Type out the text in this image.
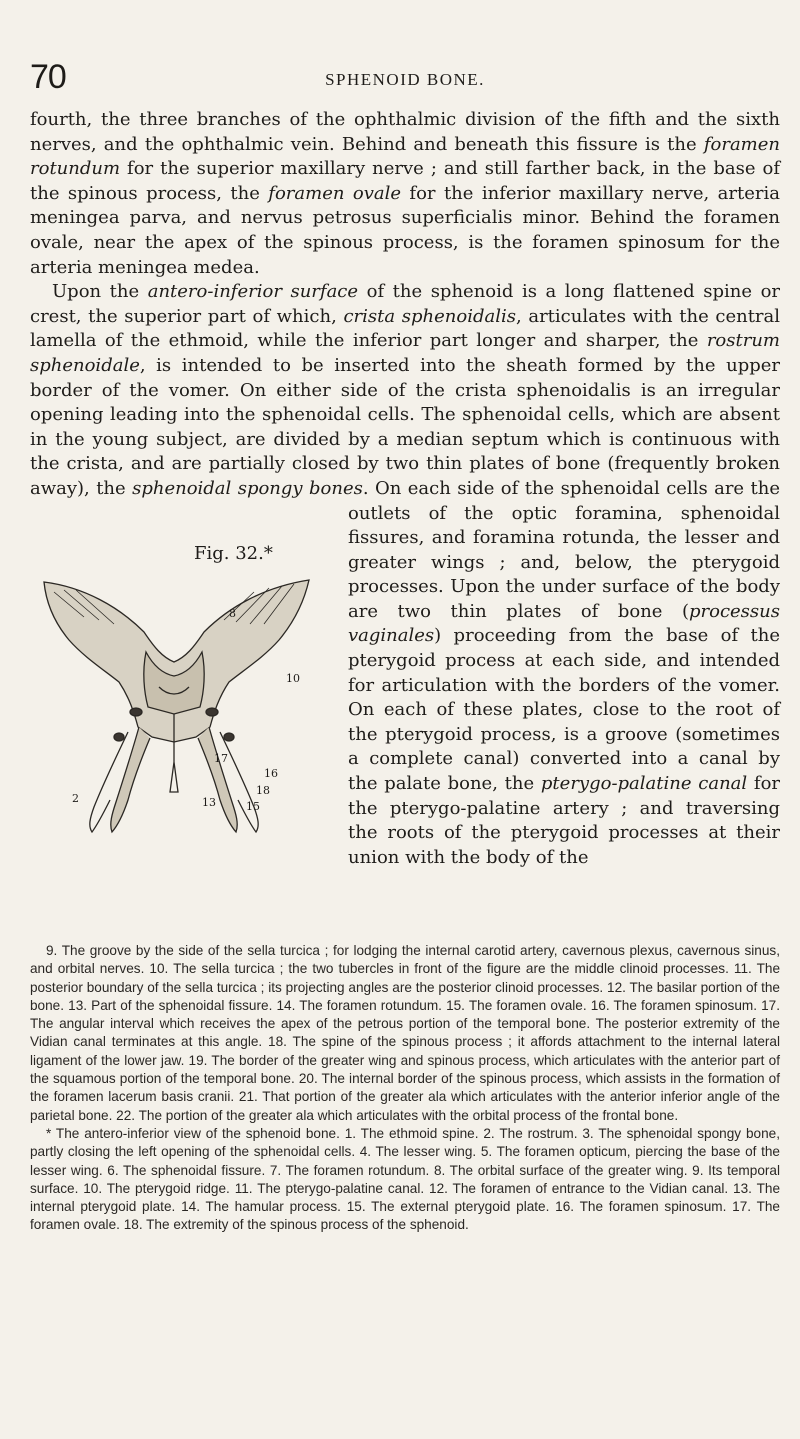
70	SPHENOID BONE.

fourth, the three branches of the ophthalmic division of the fifth and the sixth nerves, and the ophthalmic vein. Behind and beneath this fissure is the foramen rotundum for the superior maxillary nerve ; and still farther back, in the base of the spinous process, the foramen ovale for the inferior maxillary nerve, arteria meningea parva, and nervus petrosus superficialis minor. Behind the foramen ovale, near the apex of the spinous process, is the foramen spinosum for the arteria meningea medea.

Upon the antero-inferior surface of the sphenoid is a long flattened spine or crest, the superior part of which, crista sphenoidalis, articulates with the central lamella of the ethmoid, while the inferior part longer and sharper, the rostrum sphenoidale, is intended to be inserted into the sheath formed by the upper border of the vomer. On either side of the crista sphenoidalis is an irregular opening leading into the sphenoidal cells. The sphenoidal cells, which are absent in the young subject, are divided by a median septum which is continuous with the crista, and are partially closed by two thin plates of bone (frequently broken away), the sphenoidal spongy bones. On each side of the sphenoidal cells are the outlets of the
Fig. 32.*
2
8
10
13	15
16
17
18
optic foramina, sphenoidal fissures, and foramina rotunda, the lesser and greater wings ; and, below, the pterygoid processes. Upon the under surface of the body are two thin plates of bone (processus vaginales) proceeding from the base of the pterygoid process at each side, and intended for articulation with the borders of the vomer. On each of these plates, close to the root of the pterygoid process, is a groove (sometimes a complete canal) converted into a canal by the palate bone, the pterygo-palatine canal for the pterygo-palatine artery ; and traversing the roots of the pterygoid processes at their union with the body of the

9. The groove by the side of the sella turcica ; for lodging the internal carotid artery, cavernous plexus, cavernous sinus, and orbital nerves. 10. The sella turcica ; the two tubercles in front of the figure are the middle clinoid processes. 11. The posterior boundary of the sella turcica ; its projecting angles are the posterior clinoid processes. 12. The basilar portion of the bone. 13. Part of the sphenoidal fissure. 14. The foramen rotundum. 15. The foramen ovale. 16. The foramen spinosum. 17. The angular interval which receives the apex of the petrous portion of the temporal bone. The posterior extremity of the Vidian canal terminates at this angle. 18. The spine of the spinous process ; it affords attachment to the internal lateral ligament of the lower jaw. 19. The border of the greater wing and spinous process, which articulates with the anterior part of the squamous portion of the temporal bone. 20. The internal border of the spinous process, which assists in the formation of the foramen lacerum basis cranii. 21. That portion of the greater ala which articulates with the anterior inferior angle of the parietal bone. 22. The portion of the greater ala which articulates with the orbital process of the frontal bone.

* The antero-inferior view of the sphenoid bone. 1. The ethmoid spine. 2. The rostrum. 3. The sphenoidal spongy bone, partly closing the left opening of the sphenoidal cells. 4. The lesser wing. 5. The foramen opticum, piercing the base of the lesser wing. 6. The sphenoidal fissure. 7. The foramen rotundum. 8. The orbital surface of the greater wing. 9. Its temporal surface. 10. The pterygoid ridge. 11. The pterygo-palatine canal. 12. The foramen of entrance to the Vidian canal. 13. The internal pterygoid plate. 14. The hamular process. 15. The external pterygoid plate. 16. The foramen spinosum. 17. The foramen ovale. 18. The extremity of the spinous process of the sphenoid.
